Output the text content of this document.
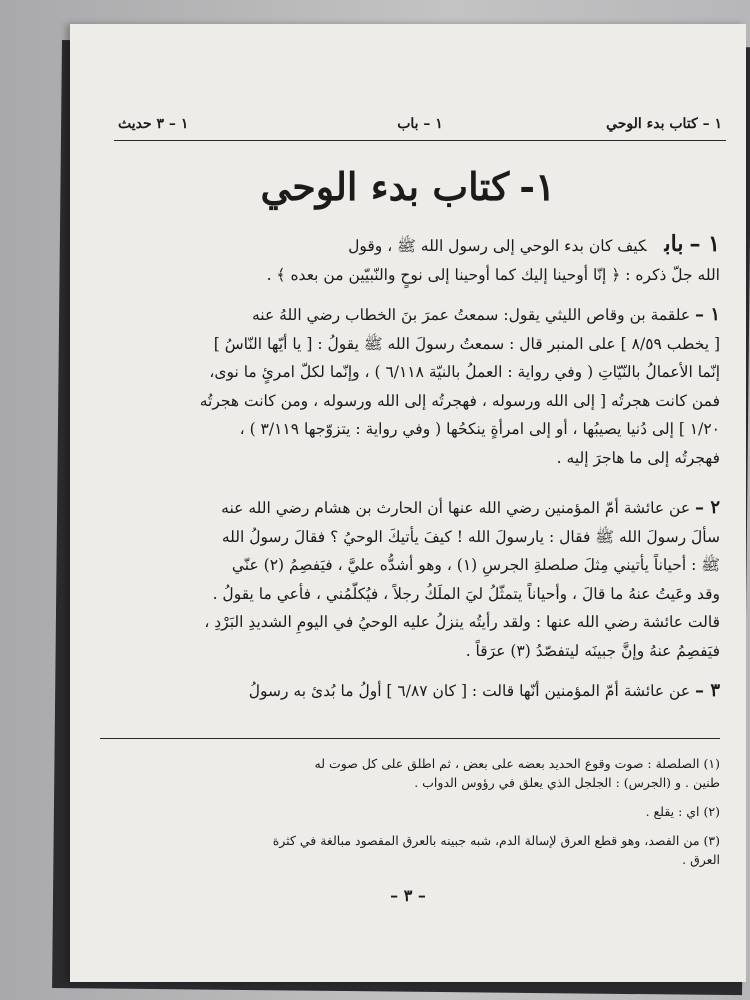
١ – كتاب بدء الوحي
١ – باب
١ – ٣ حديث
١-كتاب بدء الوحي

١ –بابكيف كان بدء الوحي إلى رسول الله ﷺ ، وقول

الله جلّ ذكره : ﴿ إنّا أوحينا إليك كما أوحينا إلى نوحٍ والنّبيّين من بعده ﴾ .

١ – علقمة بن وقاص الليثي يقول: سمعتُ عمرَ بنَ الخطاب رضي اللهُ عنه

[ يخطب ٨/٥٩ ] على المنبر قال : سمعتُ رسولَ الله ﷺ يقولُ : [ يا أيّها النّاسُ ]

إنّما الأعمالُ بالنّيّاتِ ( وفي رواية : العملُ بالنيّة ٦/١١٨ ) ، وإنّما لكلّ امرئٍ ما نوى،

فمن كانت هجرتُه [ إلى الله ورسوله ، فهجرتُه إلى الله ورسوله ، ومن كانت هجرتُه

١/٢٠ ] إلى دُنيا يصيبُها ، أو إلى امرأةٍ ينكحُها ( وفي رواية : يتزوّجها ٣/١١٩ ) ،

فهجرتُه إلى ما هاجرَ إليه .

٢ – عن عائشة أمّ المؤمنين رضي الله عنها أن الحارث بن هشام رضي الله عنه

سألَ رسولَ الله ﷺ فقال : يارسولَ الله ! كيفَ يأتيكَ الوحيُ ؟ فقالَ رسولُ الله

ﷺ : أحياناً يأتيني مِثلَ صلصلةِ الجرسِ (١) ، وهو أشدُّه عليَّ ، فيَفصِمُ (٢) عنّي

وقد وعَيتُ عنهُ ما قالَ ، وأحياناً يتمثّلُ ليَ الملَكُ رجلاً ، فيُكلّمُني ، فأعي ما يقولُ .

قالت عائشة رضي الله عنها : ولقد رأيتُه ينزلُ عليه الوحيُ في اليومِ الشديدِ البَرْدِ ،

فيَفصِمُ عنهُ وإنَّ جبينَه ليتفصّدُ (٣) عرَقاً .

٣ – عن عائشة أمّ المؤمنين أنّها قالت : [ كان ٦/٨٧ ] أولُ ما بُدئ به رسولُ

(١) الصلصلة : صوت وقوع الحديد بعضه على بعض ، ثم اطلق على كل صوت له

طنين . و (الجرس) : الجلجل الذي يعلق في رؤوس الدواب .

(٢) اي : يقلع .

(٣) من الفصد، وهو قطع العرق لإسالة الدم، شبه جبينه بالعرق المفصود مبالغة في كثرة

العرق .

– ٣ –
